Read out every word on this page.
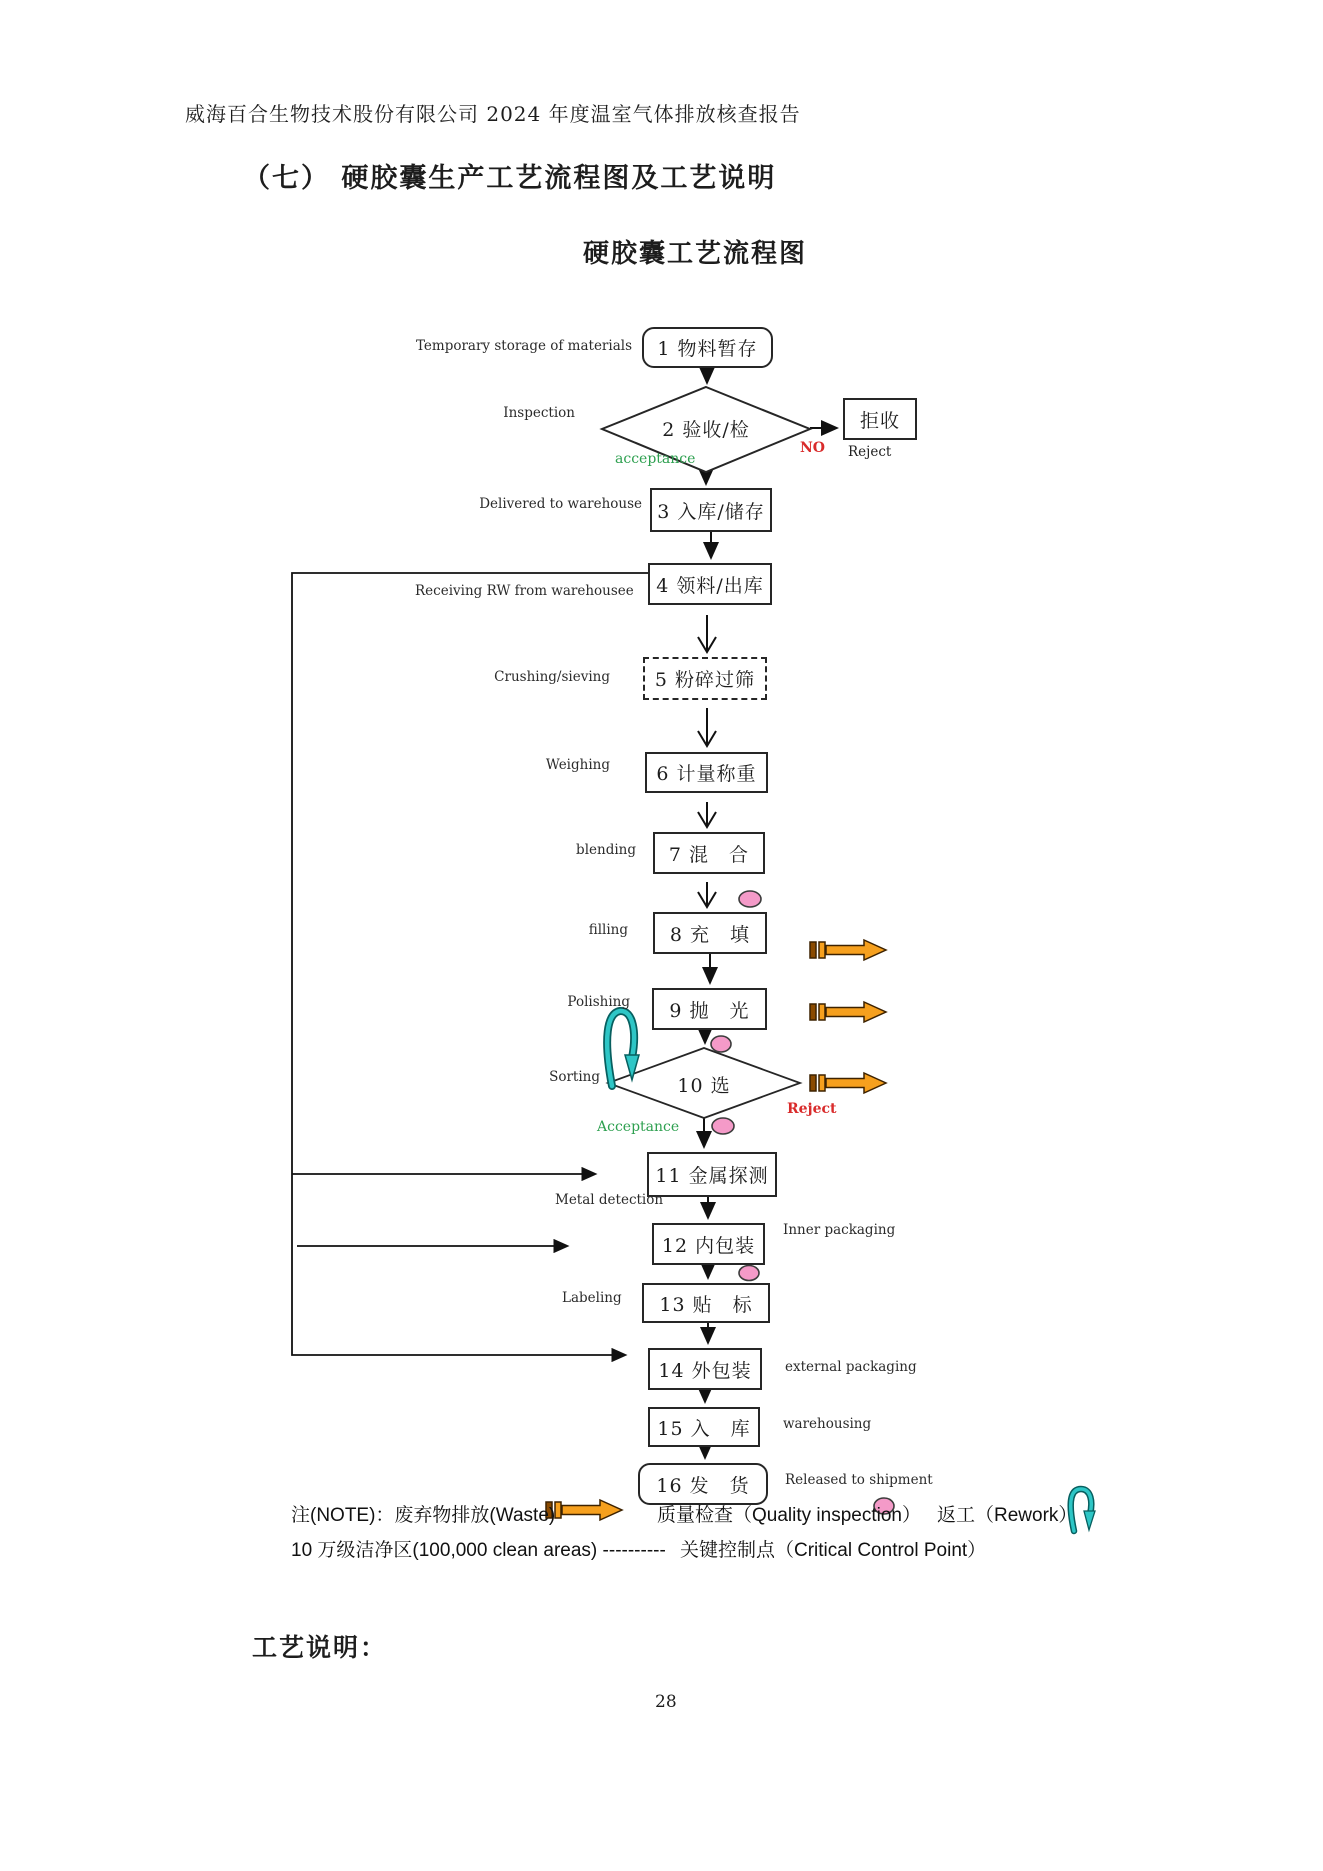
威海百合生物技术股份有限公司 2024 年度温室气体排放核查报告
（七） 硬胶囊生产工艺流程图及工艺说明
硬胶囊工艺流程图
1 物料暂存
2 验收/检	拒收
3 入库/储存
4 领料/出库
5 粉碎过筛
6 计量称重
7 混　合
8 充　填
9 抛　光
10 选
11 金属探测
12 内包装
13 贴　标
14 外包装
15 入　库
16 发　货
Temporary storage of materials
Inspection
Reject
Delivered to warehouse
Receiving RW from warehousee
Crushing/sieving
Weighing
blending
filling
Polishing
Sorting
Metal detection
Inner packaging
Labeling
external packaging
warehousing
Released to shipment
acceptance
NO
Acceptance
Reject
注(NOTE)：废弃物排放(Waste)	质量检查（Quality inspection） 返工（Rework）
10 万级洁净区(100,000 clean areas) ---------- 关键控制点（Critical Control Point）
工艺说明：
28
